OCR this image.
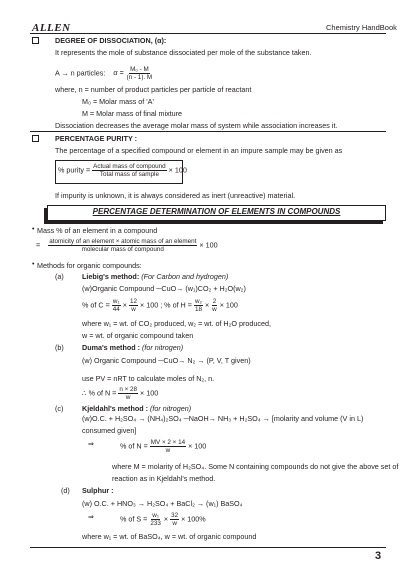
ALLEN	Chemistry HandBook
DEGREE OF DISSOCIATION, (α):
It represents the mole of substance dissociated per mole of the substance taken.
A → n particles: $\alpha = \frac{\text{M₀ - M}}{(n - 1). M}$
where, n = number of product particles per particle of reactant
M₀ = Molar mass of 'A'
M = Molar mass of final mixture
Dissociation decreases the average molar mass of system while association increases it.
PERCENTAGE PURITY :
The percentage of a specified compound or element in an impure sample may be given as
% purity = $\frac{\text{Actual mass of compound}}{\text{Total mass of sample}} \times 100$
If impurity is unknown, it is always considered as inert (unreactive) material.
PERCENTAGE DETERMINATION OF ELEMENTS IN COMPOUNDS
• Mass % of an element in a compound
= $\frac{\text{atomicity of an element × atomic mass of an element}}{\text{molecular mass of compound}} \times 100$
• Methods for organic compounds:
(a)	Liebig's method: (For Carbon and hydrogen)
(w)Organic Compound ─CuO→ (w₁)CO₂ + H₂O(w₂)
% of $C = \frac{\text{w₁}}{44} \times \frac{12}{w} \times 100$ ; % of $H = \frac{\text{w₂}}{18} \times \frac{2}{w} \times 100$
where w₁ = wt. of CO₂ produced, w₂ = wt. of H₂O produced,
w = wt. of organic compound taken
(b)	Duma's method : (for nitrogen)
(w) Organic Compound ─CuO→ N₂ → (P, V, T given)
use PV = nRT to calculate moles of N₂, n.
∴ % of $N = \frac{n \times 28}{w} \times 100$
(c)	Kjeldahl's method : (for nitrogen)
(w)O.C. + H₂SO₄ → (NH₄)₂SO₄ ─NaOH→ NH₃ + H₂SO₄ → [molarity and volume (V in L)
consumed given]
⇒	% of $N = \frac{MV \times 2 \times 14}{w} \times 100$
where M = molarity of H₂SO₄. Some N containing compounds do not give the above set of
reaction as in Kjeldahl's method.
(d) Sulphur :
(w) O.C. + HNO₃ → H₂SO₄ + BaCl₂ → (w₁) BaSO₄
⇒	% of $S = \frac{\text{w₁}}{233} \times \frac{32}{w} \times 100\%$
where w₁ = wt. of BaSO₄, w = wt. of organic compound
3
